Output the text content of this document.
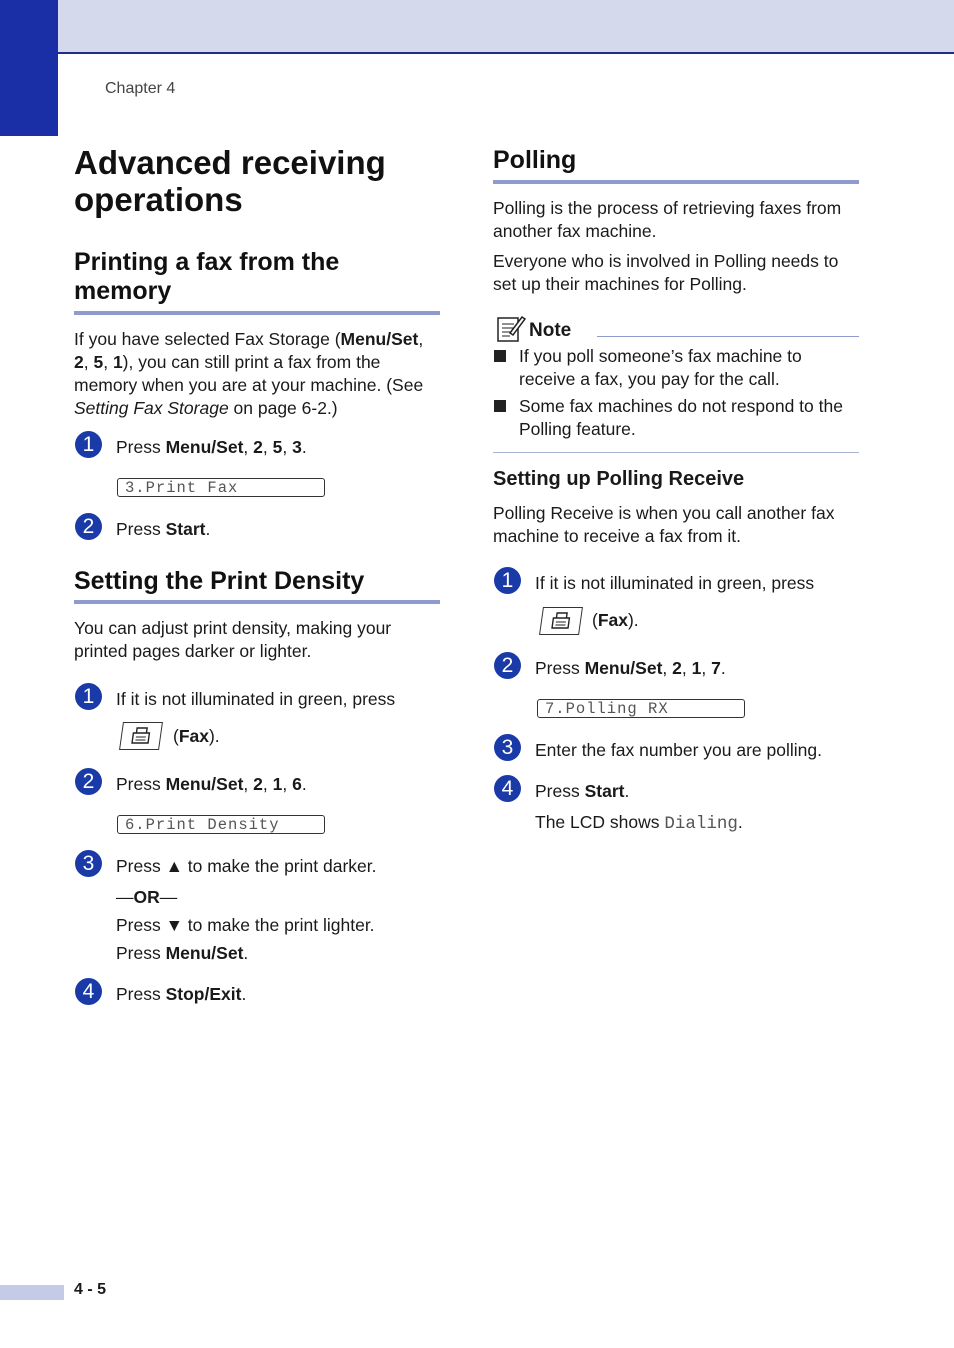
Chapter 4
Advanced receiving operations
Printing a fax from the memory

If you have selected Fax Storage (Menu/Set,
2, 5, 1), you can still print a fax from the
memory when you are at your machine. (See
Setting Fax Storage on page 6-2.)

1	Press Menu/Set, 2, 5, 3.

3.Print Fax
2	Press Start.

Setting the Print Density

You can adjust print density, making your
printed pages darker or lighter.

1	If it is not illuminated in green, press

(Fax).

2	Press Menu/Set, 2, 1, 6.

6.Print Density
3	Press ▲ to make the print darker.

—OR—

Press ▼ to make the print lighter.

Press Menu/Set.

4	Press Stop/Exit.

Polling

Polling is the process of retrieving faxes from
another fax machine.

Everyone who is involved in Polling needs to
set up their machines for Polling.

Note

If you poll someone’s fax machine to
receive a fax, you pay for the call.

Some fax machines do not respond to the
Polling feature.

Setting up Polling Receive

Polling Receive is when you call another fax
machine to receive a fax from it.

1	If it is not illuminated in green, press

(Fax).

2	Press Menu/Set, 2, 1, 7.

7.Polling RX
3	Enter the fax number you are polling.

4	Press Start.

The LCD shows Dialing.

4 - 5
